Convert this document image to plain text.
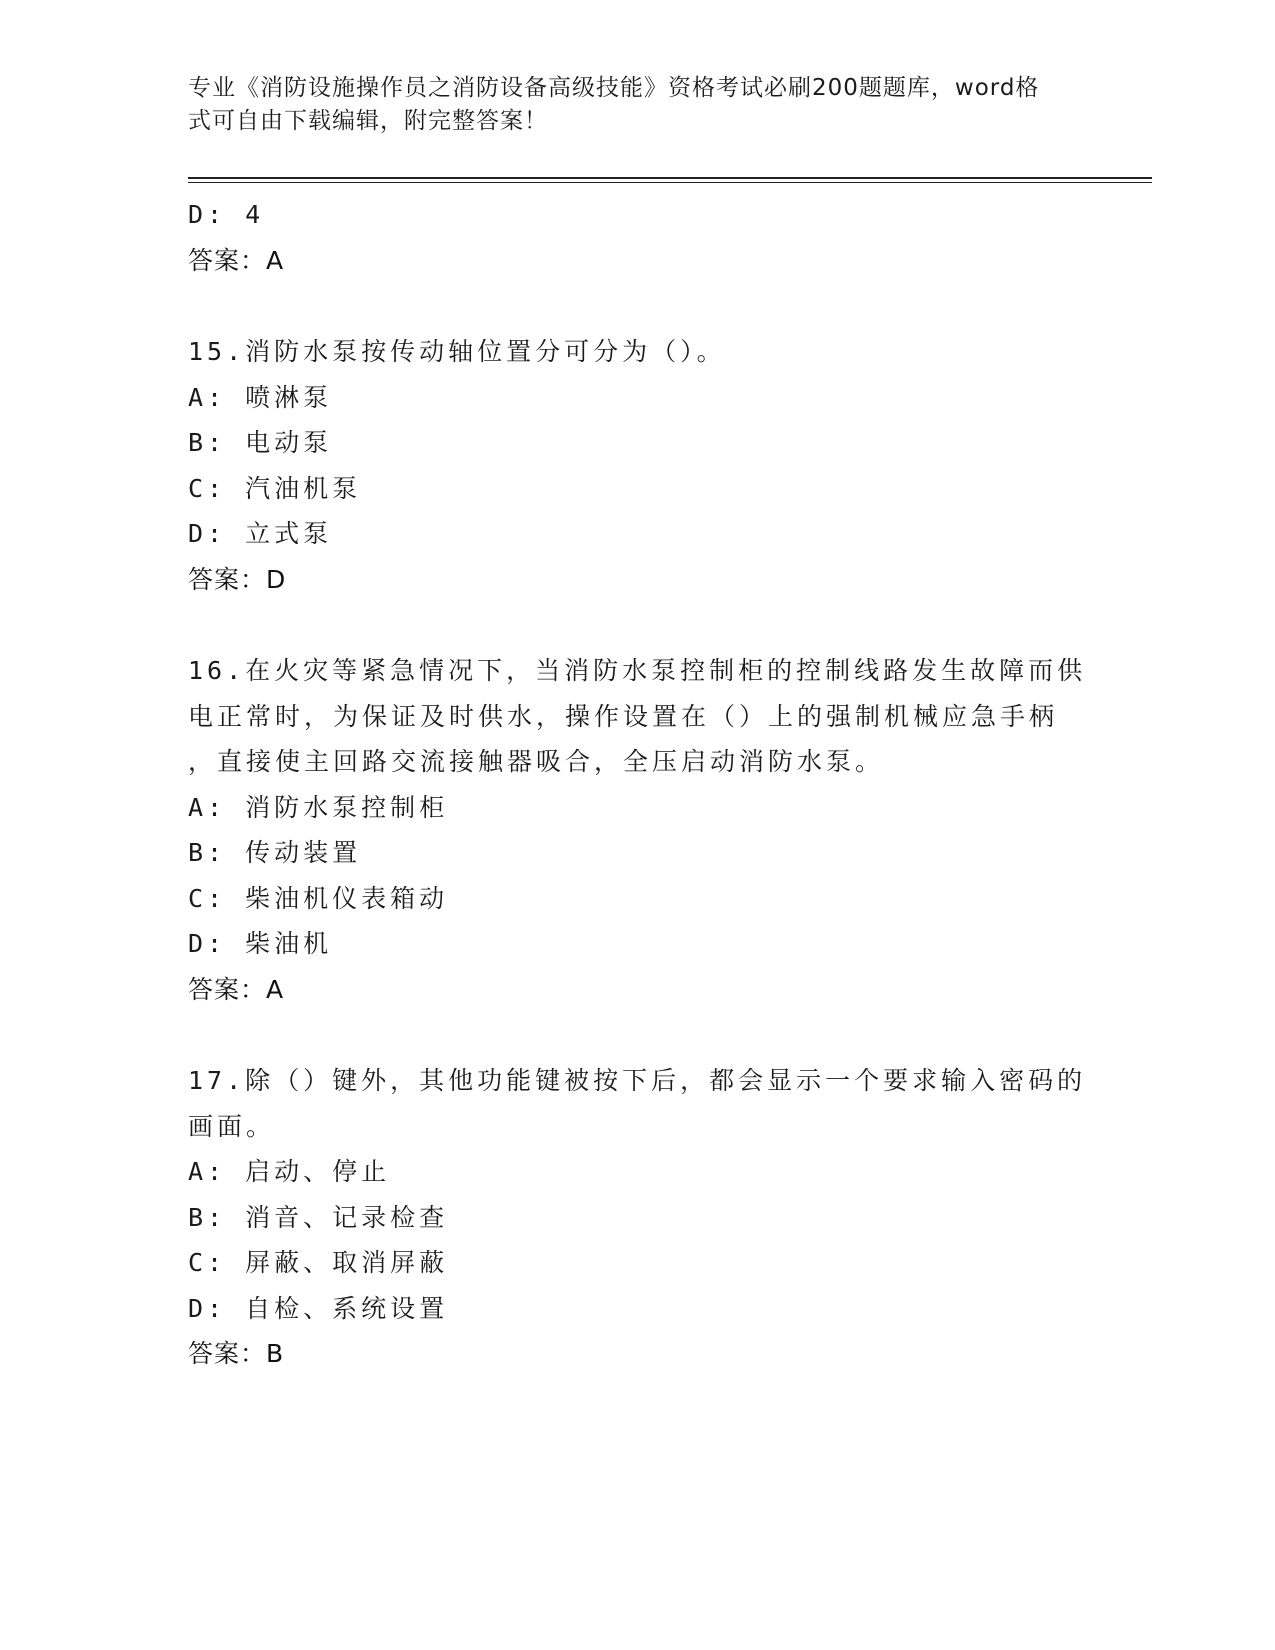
专业《消防设施操作员之消防设备高级技能》资格考试必刷200题题库，word格
式可自由下载编辑，附完整答案！
D: 4
答案：A
15.消防水泵按传动轴位置分可分为（）。
A: 喷淋泵
B: 电动泵
C: 汽油机泵
D: 立式泵
答案：D
16.在火灾等紧急情况下，当消防水泵控制柜的控制线路发生故障而供
电正常时，为保证及时供水，操作设置在（）上的强制机械应急手柄
，直接使主回路交流接触器吸合，全压启动消防水泵。
A: 消防水泵控制柜
B: 传动装置
C: 柴油机仪表箱动
D: 柴油机
答案：A
17.除（）键外，其他功能键被按下后，都会显示一个要求输入密码的
画面。
A: 启动、停止
B: 消音、记录检查
C: 屏蔽、取消屏蔽
D: 自检、系统设置
答案：B
